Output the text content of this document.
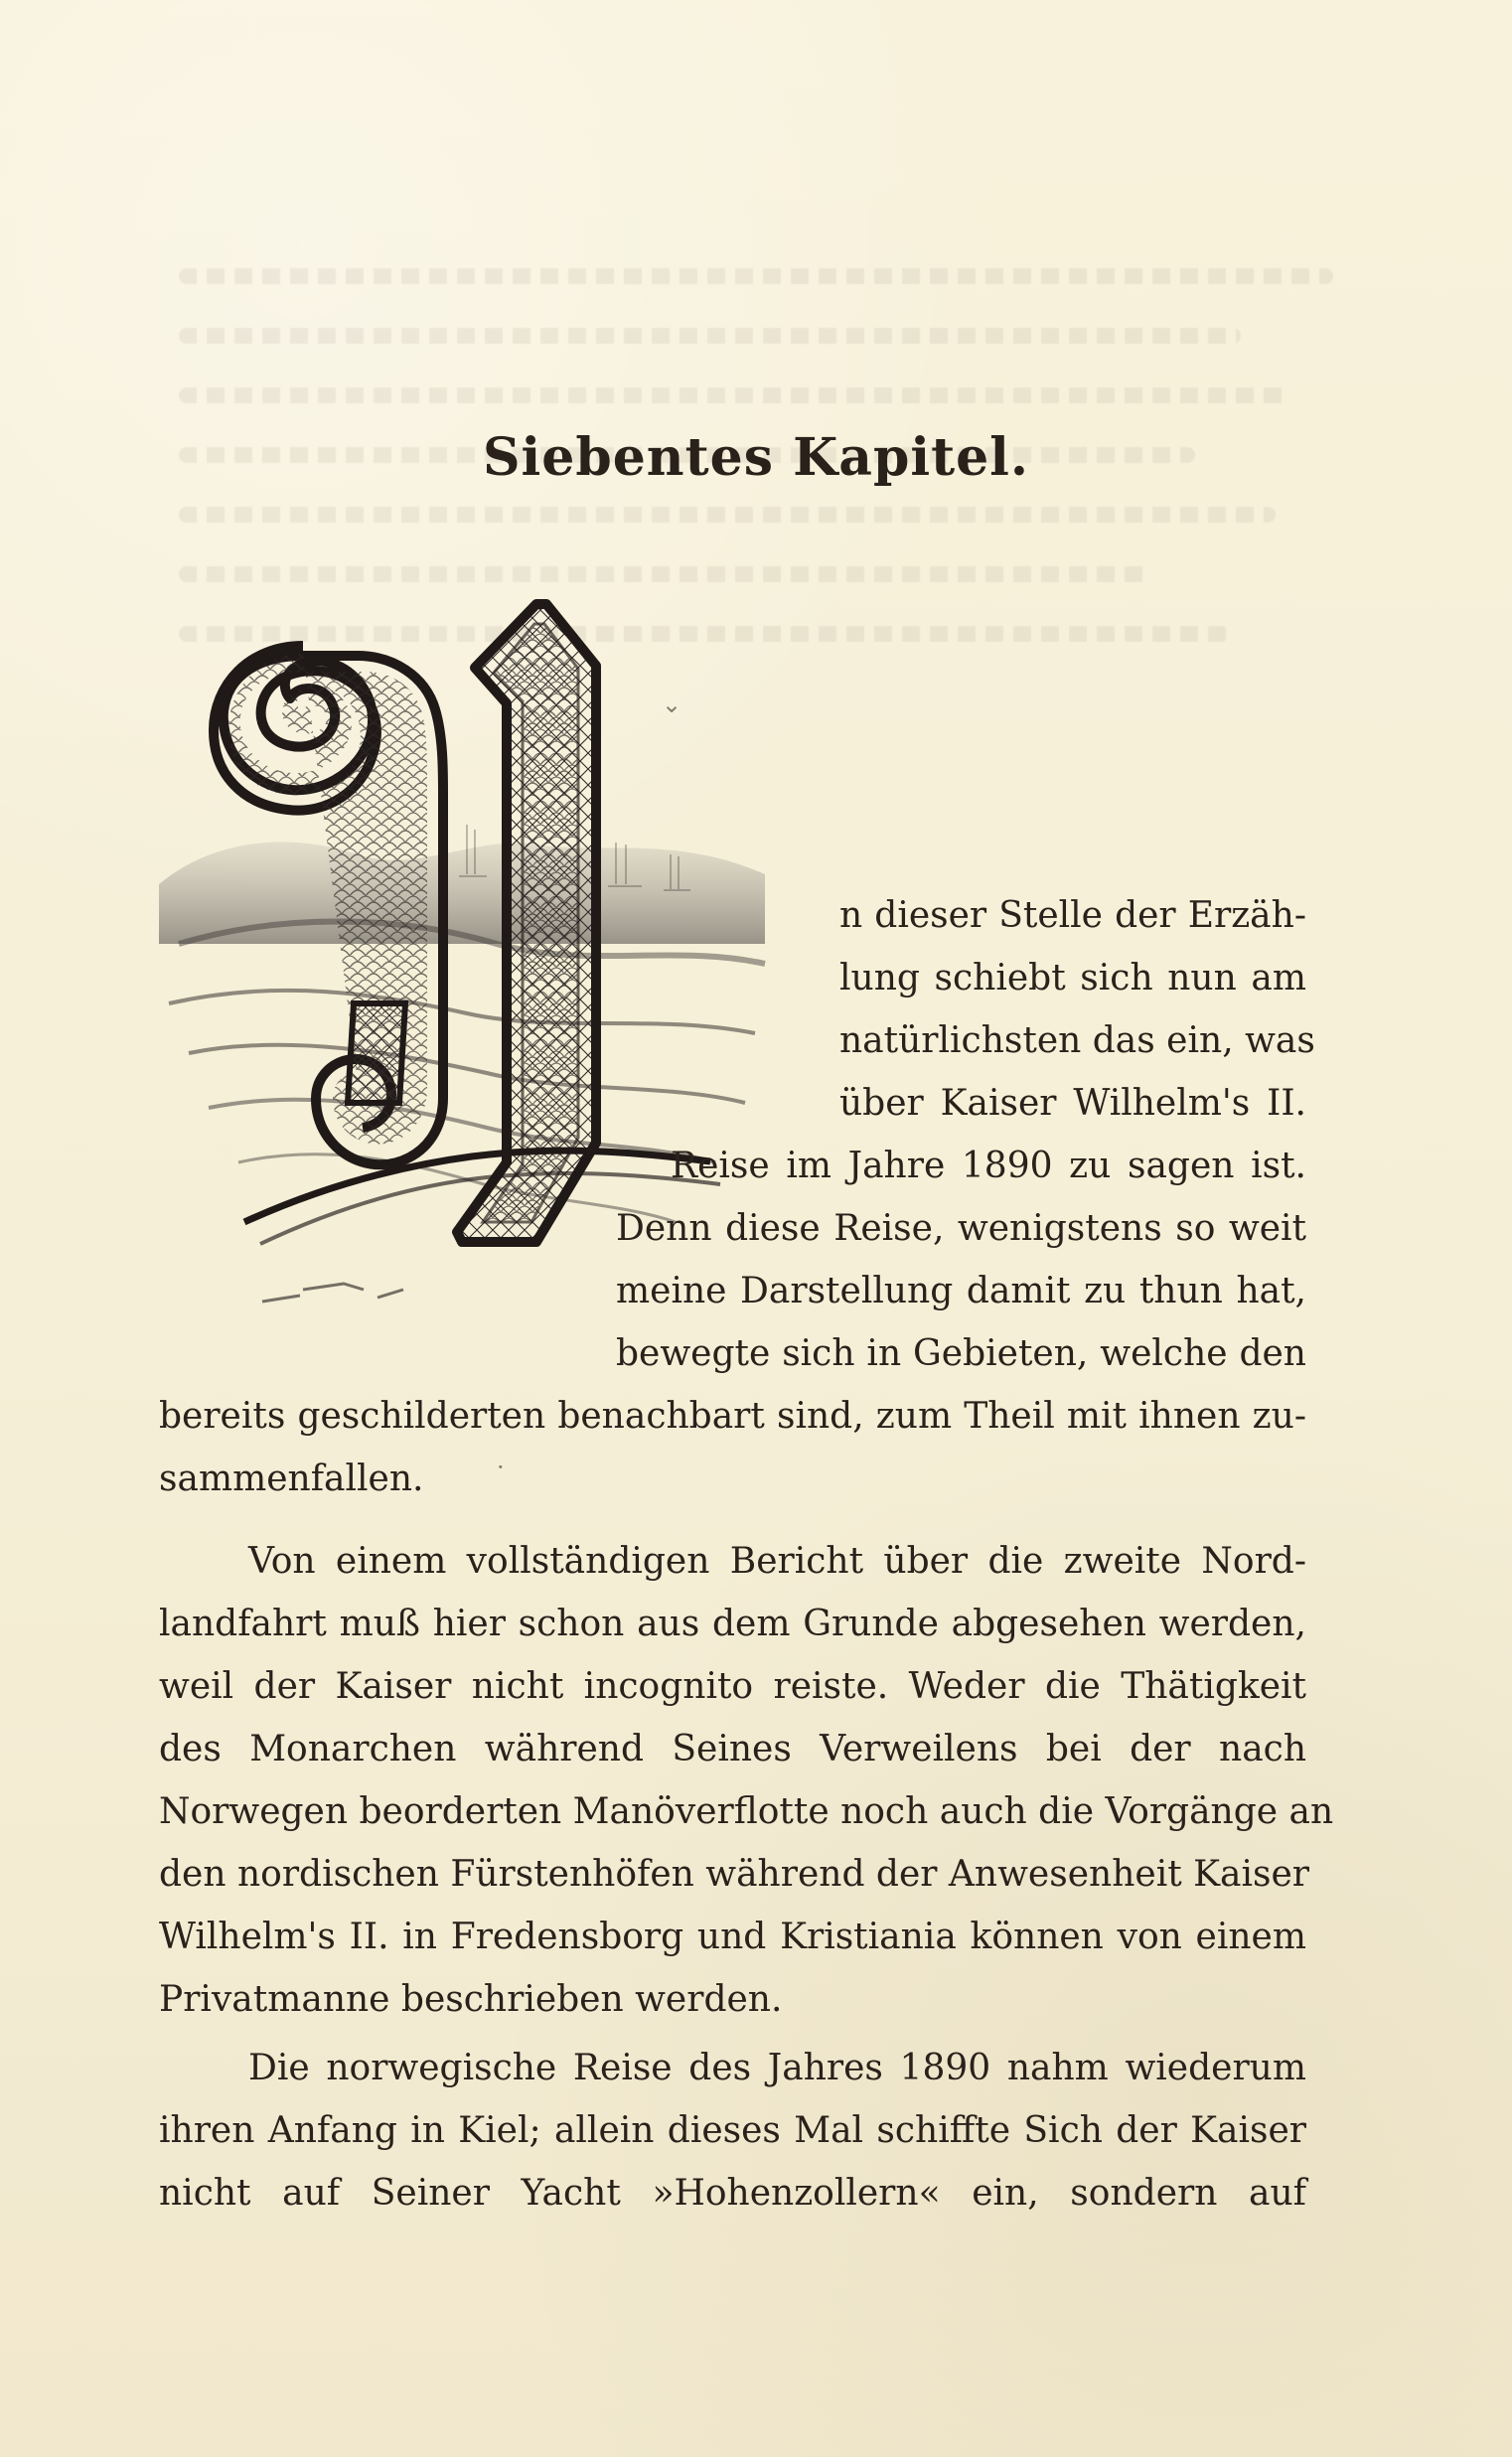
Siebentes Kapitel.
n dieser Stelle der Erzäh-
lung schiebt sich nun am
natürlichsten das ein, was
über Kaiser Wilhelm's II.
Reise im Jahre 1890 zu sagen ist.
Denn diese Reise, wenigstens so weit
meine Darstellung damit zu thun hat,
bewegte sich in Gebieten, welche den
bereits geschilderten benachbart sind, zum Theil mit ihnen zu-
sammenfallen.
Von einem vollständigen Bericht über die zweite Nord-
landfahrt muß hier schon aus dem Grunde abgesehen werden,
weil der Kaiser nicht incognito reiste. Weder die Thätigkeit
des Monarchen während Seines Verweilens bei der nach
Norwegen beorderten Manöverflotte noch auch die Vorgänge an
den nordischen Fürstenhöfen während der Anwesenheit Kaiser
Wilhelm's II. in Fredensborg und Kristiania können von einem
Privatmanne beschrieben werden.
Die norwegische Reise des Jahres 1890 nahm wiederum
ihren Anfang in Kiel; allein dieses Mal schiffte Sich der Kaiser
nicht auf Seiner Yacht »Hohenzollern« ein, sondern auf
⌄
·
